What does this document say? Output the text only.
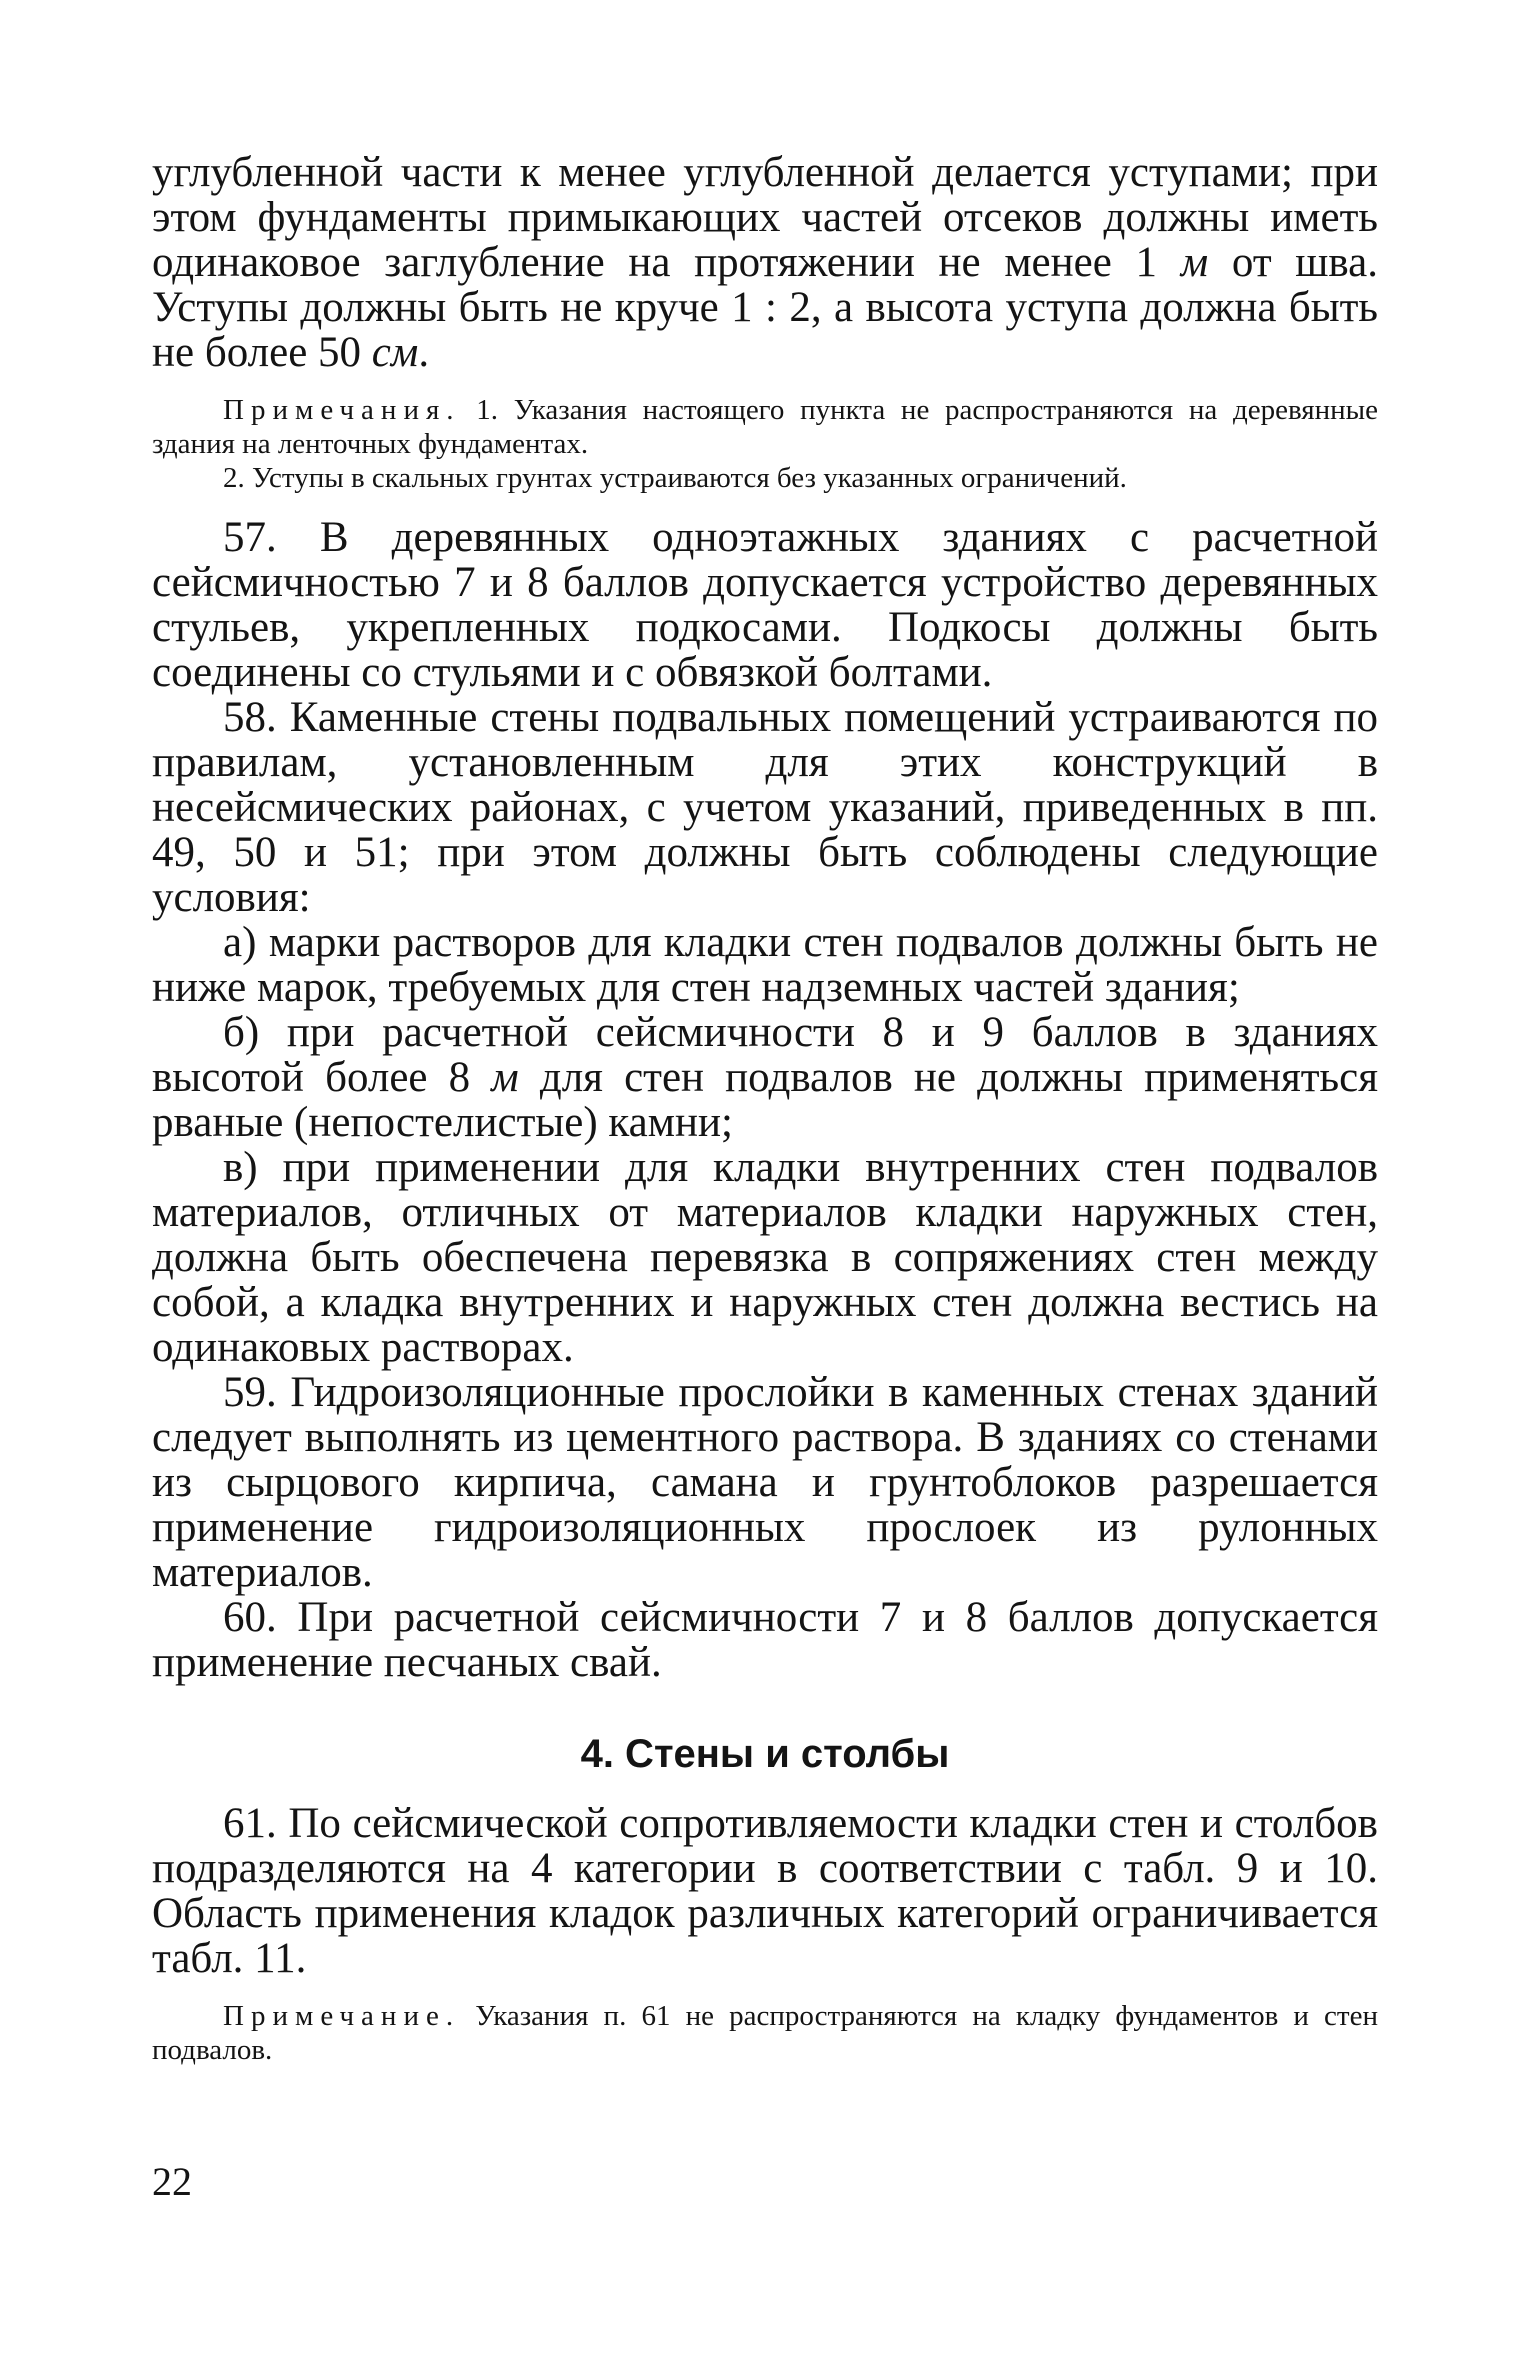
углубленной части к менее углубленной делается уступами; при этом фундаменты примыкающих частей отсеков должны иметь одинаковое заглубление на протяжении не менее 1 м от шва. Уступы должны быть не круче 1 : 2, а высота уступа должна быть не более 50 см.

Примечания. 1. Указания настоящего пункта не распространяются на деревянные здания на ленточных фундаментах.

2. Уступы в скальных грунтах устраиваются без указанных ограничений.

57. В деревянных одноэтажных зданиях с расчетной сейсмичностью 7 и 8 баллов допускается устройство деревянных стульев, укрепленных подкосами. Подкосы должны быть соединены со стульями и с обвязкой болтами.

58. Каменные стены подвальных помещений устраиваются по правилам, установленным для этих конструкций в несейсмических районах, с учетом указаний, приведенных в пп. 49, 50 и 51; при этом должны быть соблюдены следующие условия:

а) марки растворов для кладки стен подвалов должны быть не ниже марок, требуемых для стен надземных частей здания;

б) при расчетной сейсмичности 8 и 9 баллов в зданиях высотой более 8 м для стен подвалов не должны применяться рваные (непостелистые) камни;

в) при применении для кладки внутренних стен подвалов материалов, отличных от материалов кладки наружных стен, должна быть обеспечена перевязка в сопряжениях стен между собой, а кладка внутренних и наружных стен должна вестись на одинаковых растворах.

59. Гидроизоляционные прослойки в каменных стенах зданий следует выполнять из цементного раствора. В зданиях со стенами из сырцового кирпича, самана и грунтоблоков разрешается применение гидроизоляционных прослоек из рулонных материалов.

60. При расчетной сейсмичности 7 и 8 баллов допускается применение песчаных свай.

4. Стены и столбы

61. По сейсмической сопротивляемости кладки стен и столбов подразделяются на 4 категории в соответствии с табл. 9 и 10. Область применения кладок различных категорий ограничивается табл. 11.

Примечание. Указания п. 61 не распространяются на кладку фундаментов и стен подвалов.

22
